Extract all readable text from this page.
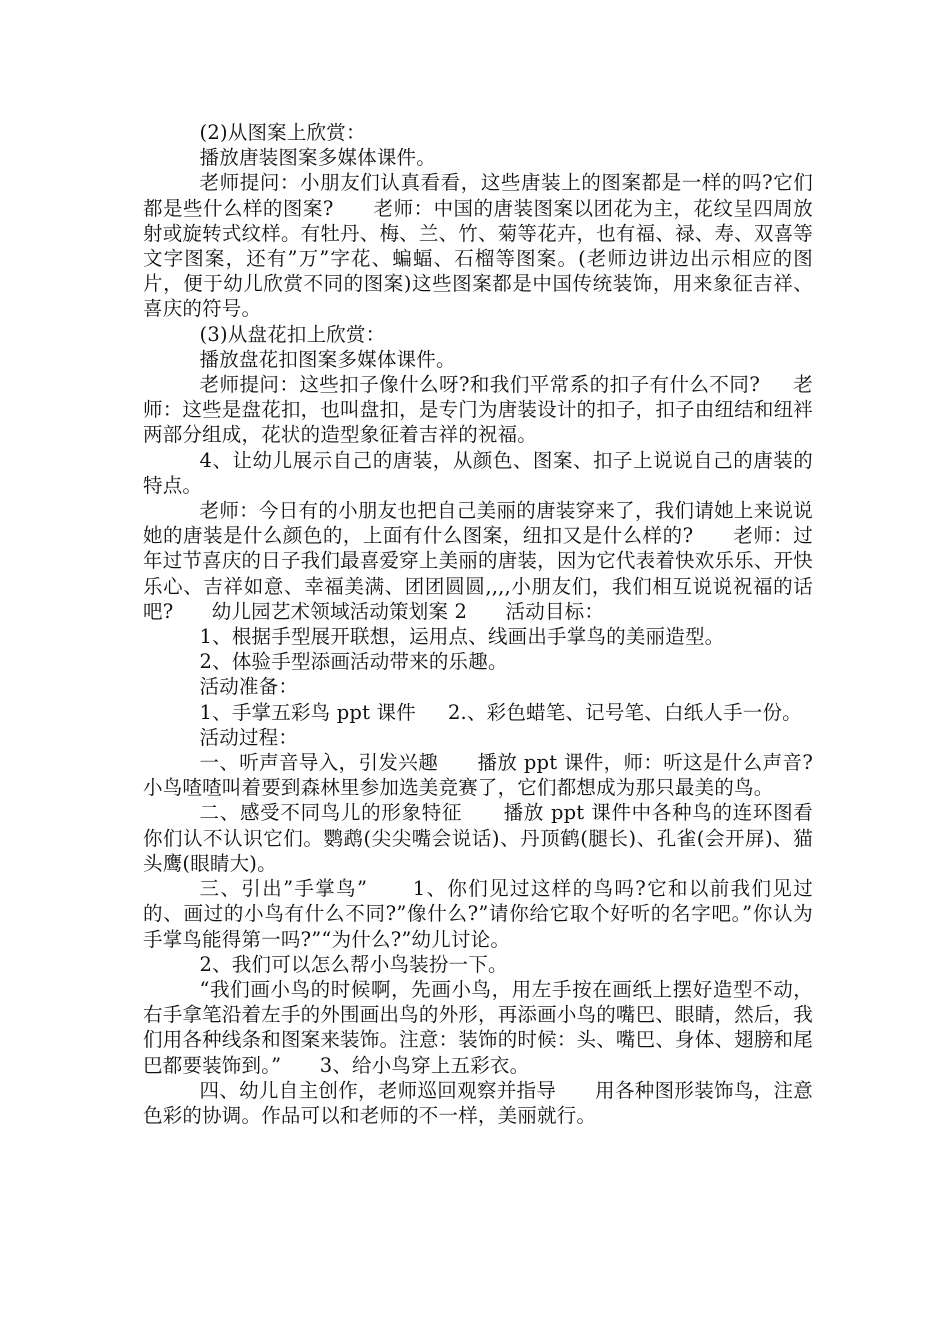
(2)从图案上欣赏：

播放唐装图案多媒体课件。

老师提问：小朋友们认真看看，这些唐装上的图案都是一样的吗?它们都是些什么样的图案?      老师：中国的唐装图案以团花为主，花纹呈四周放射或旋转式纹样。有牡丹、梅、兰、竹、菊等花卉，也有福、禄、寿、双喜等文字图案，还有”万”字花、蝙蝠、石榴等图案。(老师边讲边出示相应的图片，便于幼儿欣赏不同的图案)这些图案都是中国传统装饰，用来象征吉祥、喜庆的符号。

(3)从盘花扣上欣赏：

播放盘花扣图案多媒体课件。

老师提问：这些扣子像什么呀?和我们平常系的扣子有什么不同?     老师：这些是盘花扣，也叫盘扣，是专门为唐装设计的扣子，扣子由纽结和纽袢两部分组成，花状的造型象征着吉祥的祝福。

4、让幼儿展示自己的唐装，从颜色、图案、扣子上说说自己的唐装的特点。

老师：今日有的小朋友也把自己美丽的唐装穿来了，我们请她上来说说她的唐装是什么颜色的，上面有什么图案，纽扣又是什么样的?      老师：过年过节喜庆的日子我们最喜爱穿上美丽的唐装，因为它代表着快欢乐乐、开快乐心、吉祥如意、幸福美满、团团圆圆,,,,小朋友们，我们相互说说祝福的话吧?      幼儿园艺术领域活动策划案 2      活动目标：

1、根据手型展开联想，运用点、线画出手掌鸟的美丽造型。

2、体验手型添画活动带来的乐趣。

活动准备：

1、手掌五彩鸟 ppt 课件     2.、彩色蜡笔、记号笔、白纸人手一份。

活动过程：

一、听声音导入，引发兴趣      播放 ppt 课件，师：听这是什么声音?小鸟喳喳叫着要到森林里参加选美竞赛了，它们都想成为那只最美的鸟。

二、感受不同鸟儿的形象特征      播放 ppt 课件中各种鸟的连环图看你们认不认识它们。鹦鹉(尖尖嘴会说话)、丹顶鹤(腿长)、孔雀(会开屏)、猫头鹰(眼睛大)。

三、引出”手掌鸟”      1、你们见过这样的鸟吗?它和以前我们见过的、画过的小鸟有什么不同?”像什么?”请你给它取个好听的名字吧。”你认为手掌鸟能得第一吗?”“为什么?”幼儿讨论。

2、我们可以怎么帮小鸟装扮一下。

“我们画小鸟的时候啊，先画小鸟，用左手按在画纸上摆好造型不动，右手拿笔沿着左手的外围画出鸟的外形，再添画小鸟的嘴巴、眼睛，然后，我们用各种线条和图案来装饰。注意：装饰的时候：头、嘴巴、身体、翅膀和尾巴都要装饰到。”      3、给小鸟穿上五彩衣。

四、幼儿自主创作，老师巡回观察并指导      用各种图形装饰鸟，注意色彩的协调。作品可以和老师的不一样，美丽就行。
